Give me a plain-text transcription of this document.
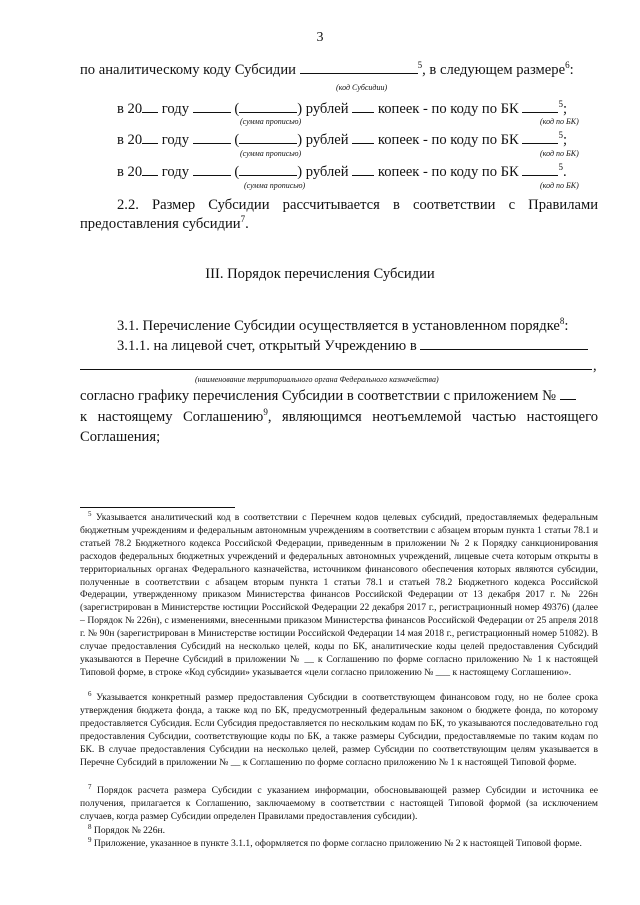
3
по аналитическому коду Субсидии	$^5$, в следующем размере$^6$:
(код Субсидии)
в 20 году	(	) рублей копеек - по коду по БК	$^5$;
(сумма прописью)	(код по БК)
в 20 году	(	) рублей копеек - по коду по БК	$^5$;
(сумма прописью)	(код по БК)
в 20 году	(	) рублей копеек - по коду по БК	$^5$.
(сумма прописью)	(код по БК)
2.2. Размер Субсидии рассчитывается в соответствии с Правилами
предоставления субсидии$^7$.
III. Порядок перечисления Субсидии
3.1. Перечисление Субсидии осуществляется в установленном порядке$^8$:
3.1.1. на лицевой счет, открытый Учреждению в
,
(наименование территориального органа Федерального казначейства)
согласно графику перечисления Субсидии в соответствии с приложением №
к настоящему Соглашению$^9$, являющимся неотъемлемой частью настоящего
Соглашения;
$^5$ Указывается аналитический код в соответствии с Перечнем кодов целевых субсидий, предоставляемых федеральным бюджетным учреждениям и федеральным автономным учреждениям в соответствии с абзацем вторым пункта 1 статьи 78.1 и статьей 78.2 Бюджетного кодекса Российской Федерации, приведенным в приложении № 2 к Порядку санкционирования расходов федеральных бюджетных учреждений и федеральных автономных учреждений, лицевые счета которым открыты в территориальных органах Федерального казначейства, источником финансового обеспечения которых являются субсидии, полученные в соответствии с абзацем вторым пункта 1 статьи 78.1 и статьей 78.2 Бюджетного кодекса Российской Федерации, утвержденному приказом Министерства финансов Российской Федерации от 13 декабря 2017 г. № 226н (зарегистрирован в Министерстве юстиции Российской Федерации 22 декабря 2017 г., регистрационный номер 49376) (далее – Порядок № 226н), с изменениями, внесенными приказом Министерства финансов Российской Федерации от 25 апреля 2018 г. № 90н (зарегистрирован в Министерстве юстиции Российской Федерации 14 мая 2018 г., регистрационный номер 51082). В случае предоставления Субсидий на несколько целей, коды по БК, аналитические коды целей предоставления Субсидий указываются в Перечне Субсидий в приложении № __ к Соглашению по форме согласно приложению № 1 к настоящей Типовой форме, в строке «Код субсидии» указывается «цели согласно приложению № ___ к настоящему Соглашению».
$^6$ Указывается конкретный размер предоставления Субсидии в соответствующем финансовом году, но не более срока утверждения бюджета фонда, а также код по БК, предусмотренный федеральным законом о бюджете фонда, по которому предоставляется Субсидия. Если Субсидия предоставляется по нескольким кодам по БК, то указываются последовательно год предоставления Субсидии, соответствующие коды по БК, а также размеры Субсидии, предоставляемые по таким кодам по БК. В случае предоставления Субсидии на несколько целей, размер Субсидии по соответствующим целям указывается в Перечне Субсидий в приложении № __ к Соглашению по форме согласно приложению № 1 к настоящей Типовой форме.
$^7$ Порядок расчета размера Субсидии с указанием информации, обосновывающей размер Субсидии и источника ее получения, прилагается к Соглашению, заключаемому в соответствии с настоящей Типовой формой (за исключением случаев, когда размер Субсидии определен Правилами предоставления субсидии).
$^8$ Порядок № 226н.
$^9$ Приложение, указанное в пункте 3.1.1, оформляется по форме согласно приложению № 2 к настоящей Типовой форме.
